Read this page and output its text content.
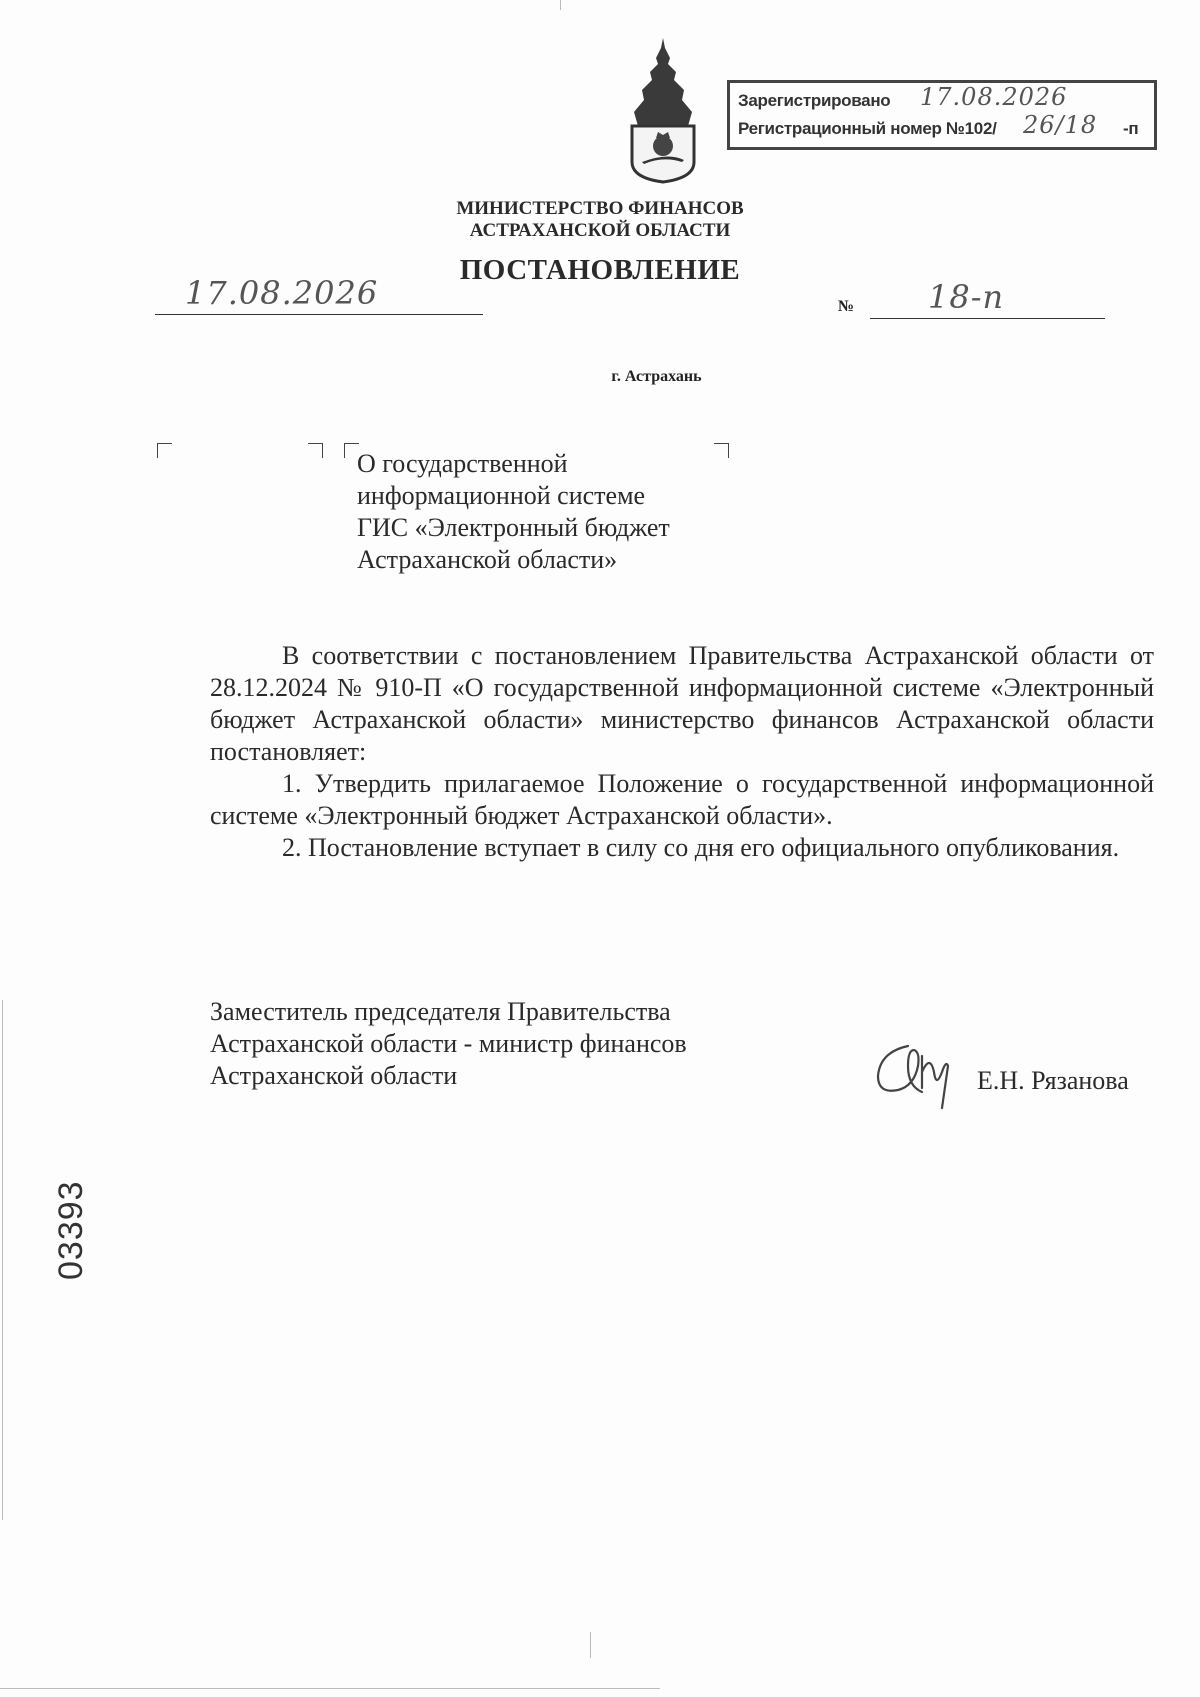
Зарегистрировано 17.08.2026
Регистрационный номер №102/ 26/18 -п
МИНИСТЕРСТВО ФИНАНСОВ
АСТРАХАНСКОЙ ОБЛАСТИ
ПОСТАНОВЛЕНИЕ
17.08.2026	№ 18-п
г. Астрахань
О государственной
информационной системе
ГИС «Электронный бюджет
Астраханской области»

В соответствии с постановлением Правительства Астраханской области от 28.12.2024 № 910-П «О государственной информационной системе «Электронный бюджет Астраханской области» министерство финансов Астраханской области постановляет:

1. Утвердить прилагаемое Положение о государственной информационной системе «Электронный бюджет Астраханской области».

2. Постановление вступает в силу со дня его официального опубликования.

Заместитель председателя Правительства
Астраханской области - министр финансов
Астраханской области	Е.Н. Рязанова
03393
